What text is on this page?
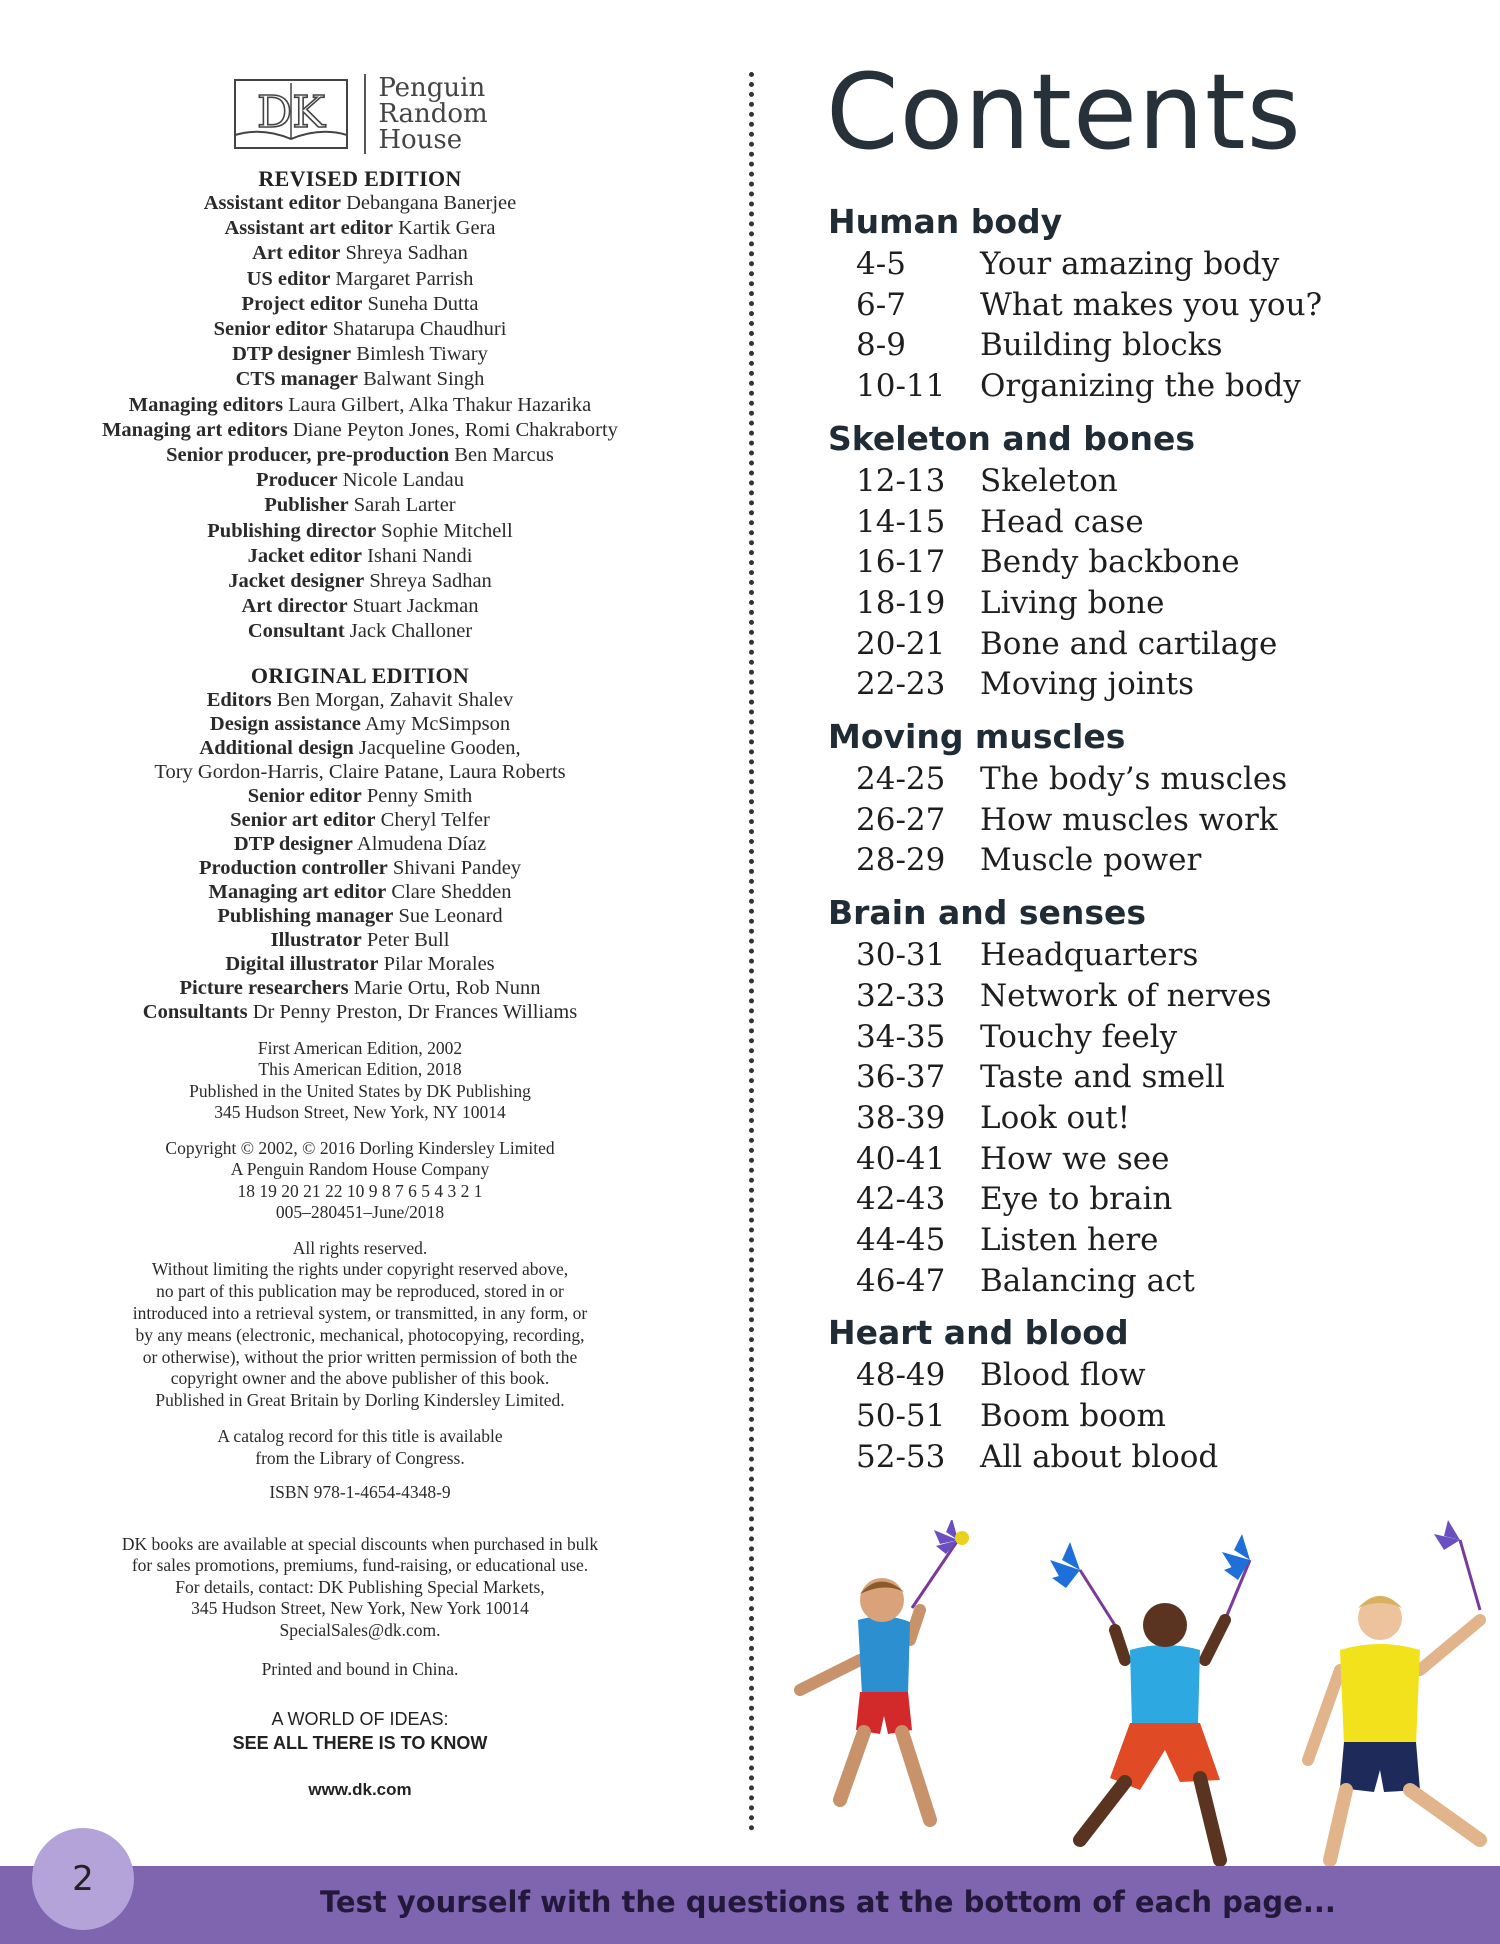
DK Penguin
Random
House
REVISED EDITION
Assistant editor Debangana Banerjee
Assistant art editor Kartik Gera
Art editor Shreya Sadhan
US editor Margaret Parrish
Project editor Suneha Dutta
Senior editor Shatarupa Chaudhuri
DTP designer Bimlesh Tiwary
CTS manager Balwant Singh
Managing editors Laura Gilbert, Alka Thakur Hazarika
Managing art editors Diane Peyton Jones, Romi Chakraborty
Senior producer, pre-production Ben Marcus
Producer Nicole Landau
Publisher Sarah Larter
Publishing director Sophie Mitchell
Jacket editor Ishani Nandi
Jacket designer Shreya Sadhan
Art director Stuart Jackman
Consultant Jack Challoner
ORIGINAL EDITION
Editors Ben Morgan, Zahavit Shalev
Design assistance Amy McSimpson
Additional design Jacqueline Gooden,
Tory Gordon-Harris, Claire Patane, Laura Roberts
Senior editor Penny Smith
Senior art editor Cheryl Telfer
DTP designer Almudena Díaz
Production controller Shivani Pandey
Managing art editor Clare Shedden
Publishing manager Sue Leonard
Illustrator Peter Bull
Digital illustrator Pilar Morales
Picture researchers Marie Ortu, Rob Nunn
Consultants Dr Penny Preston, Dr Frances Williams
First American Edition, 2002
This American Edition, 2018
Published in the United States by DK Publishing
345 Hudson Street, New York, NY 10014
Copyright © 2002, © 2016 Dorling Kindersley Limited
A Penguin Random House Company
18 19 20 21 22 10 9 8 7 6 5 4 3 2 1
005–280451–June/2018
All rights reserved.
Without limiting the rights under copyright reserved above,
no part of this publication may be reproduced, stored in or
introduced into a retrieval system, or transmitted, in any form, or
by any means (electronic, mechanical, photocopying, recording,
or otherwise), without the prior written permission of both the
copyright owner and the above publisher of this book.
Published in Great Britain by Dorling Kindersley Limited.
A catalog record for this title is available
from the Library of Congress.
ISBN 978-1-4654-4348-9
DK books are available at special discounts when purchased in bulk
for sales promotions, premiums, fund-raising, or educational use.
For details, contact: DK Publishing Special Markets,
345 Hudson Street, New York, New York 10014
SpecialSales@dk.com.
Printed and bound in China.
A WORLD OF IDEAS:
SEE ALL THERE IS TO KNOW
www.dk.com
Contents
Human body
4-5	Your amazing body
6-7	What makes you you?
8-9	Building blocks
10-11	Organizing the body
Skeleton and bones
12-13	Skeleton
14-15	Head case
16-17	Bendy backbone
18-19	Living bone
20-21	Bone and cartilage
22-23	Moving joints
Moving muscles
24-25	The body’s muscles
26-27	How muscles work
28-29	Muscle power
Brain and senses
30-31	Headquarters
32-33	Network of nerves
34-35	Touchy feely
36-37	Taste and smell
38-39	Look out!
40-41	How we see
42-43	Eye to brain
44-45	Listen here
46-47	Balancing act
Heart and blood
48-49	Blood flow
50-51	Boom boom
52-53	All about blood
Test yourself with the questions at the bottom of each page...
2
